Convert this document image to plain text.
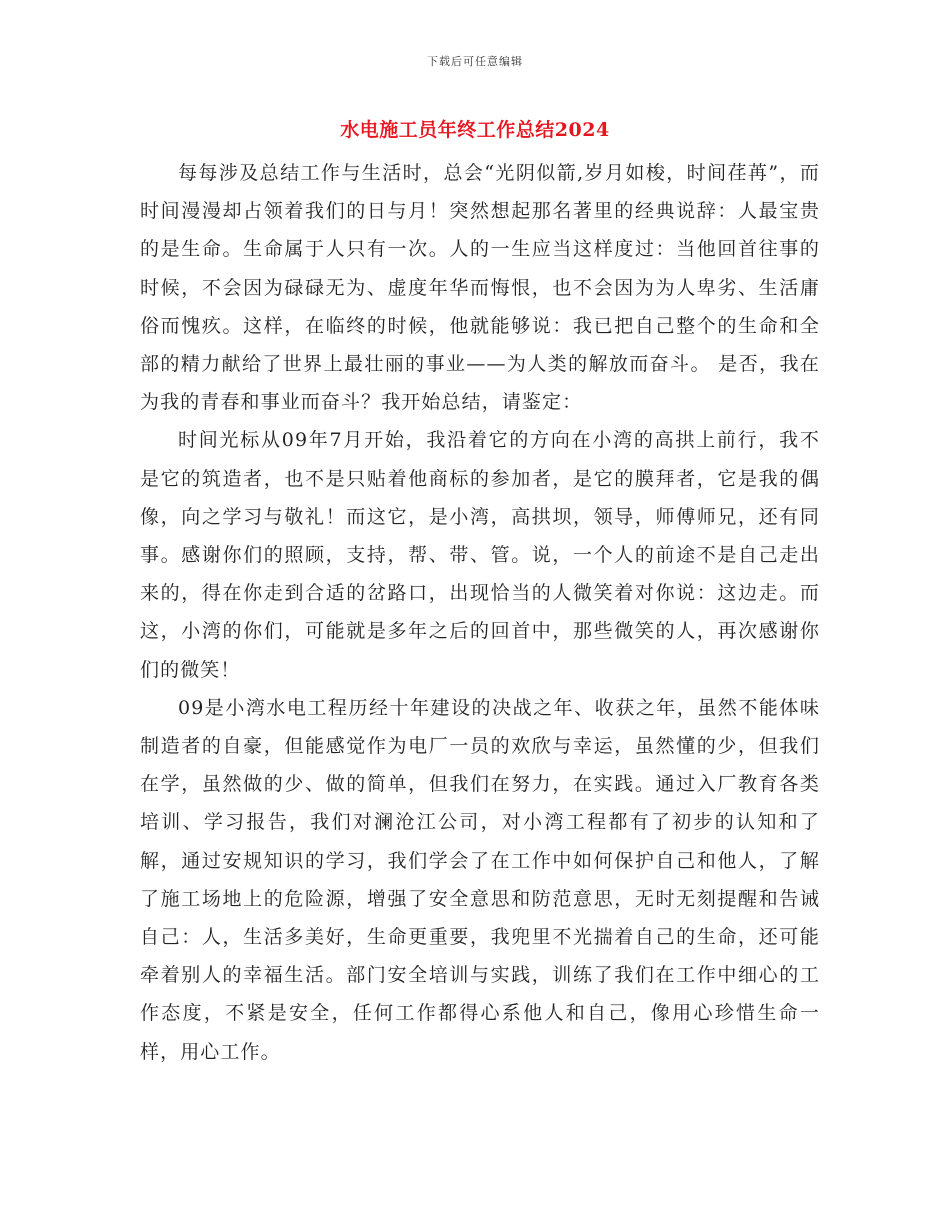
下载后可任意编辑
水电施工员年终工作总结2024

每每涉及总结工作与生活时，总会“光阴似箭,岁月如梭，时间荏苒”，而时间漫漫却占领着我们的日与月！突然想起那名著里的经典说辞：人最宝贵的是生命。生命属于人只有一次。人的一生应当这样度过：当他回首往事的时候，不会因为碌碌无为、虚度年华而悔恨，也不会因为为人卑劣、生活庸俗而愧疚。这样，在临终的时候，他就能够说：我已把自己整个的生命和全部的精力献给了世界上最壮丽的事业——为人类的解放而奋斗。 是否，我在为我的青春和事业而奋斗？我开始总结，请鉴定：

时间光标从09年7月开始，我沿着它的方向在小湾的高拱上前行，我不是它的筑造者，也不是只贴着他商标的参加者，是它的膜拜者，它是我的偶像，向之学习与敬礼！而这它，是小湾，高拱坝，领导，师傅师兄，还有同事。感谢你们的照顾，支持，帮、带、管。说，一个人的前途不是自己走出来的，得在你走到合适的岔路口，出现恰当的人微笑着对你说：这边走。而这，小湾的你们，可能就是多年之后的回首中，那些微笑的人，再次感谢你们的微笑！

09是小湾水电工程历经十年建设的决战之年、收获之年，虽然不能体味制造者的自豪，但能感觉作为电厂一员的欢欣与幸运，虽然懂的少，但我们在学，虽然做的少、做的简单，但我们在努力，在实践。通过入厂教育各类培训、学习报告，我们对澜沧江公司，对小湾工程都有了初步的认知和了解，通过安规知识的学习，我们学会了在工作中如何保护自己和他人，了解了施工场地上的危险源，增强了安全意思和防范意思，无时无刻提醒和告诫自己：人，生活多美好，生命更重要，我兜里不光揣着自己的生命，还可能牵着别人的幸福生活。部门安全培训与实践，训练了我们在工作中细心的工作态度，不紧是安全，任何工作都得心系他人和自己，像用心珍惜生命一样，用心工作。
